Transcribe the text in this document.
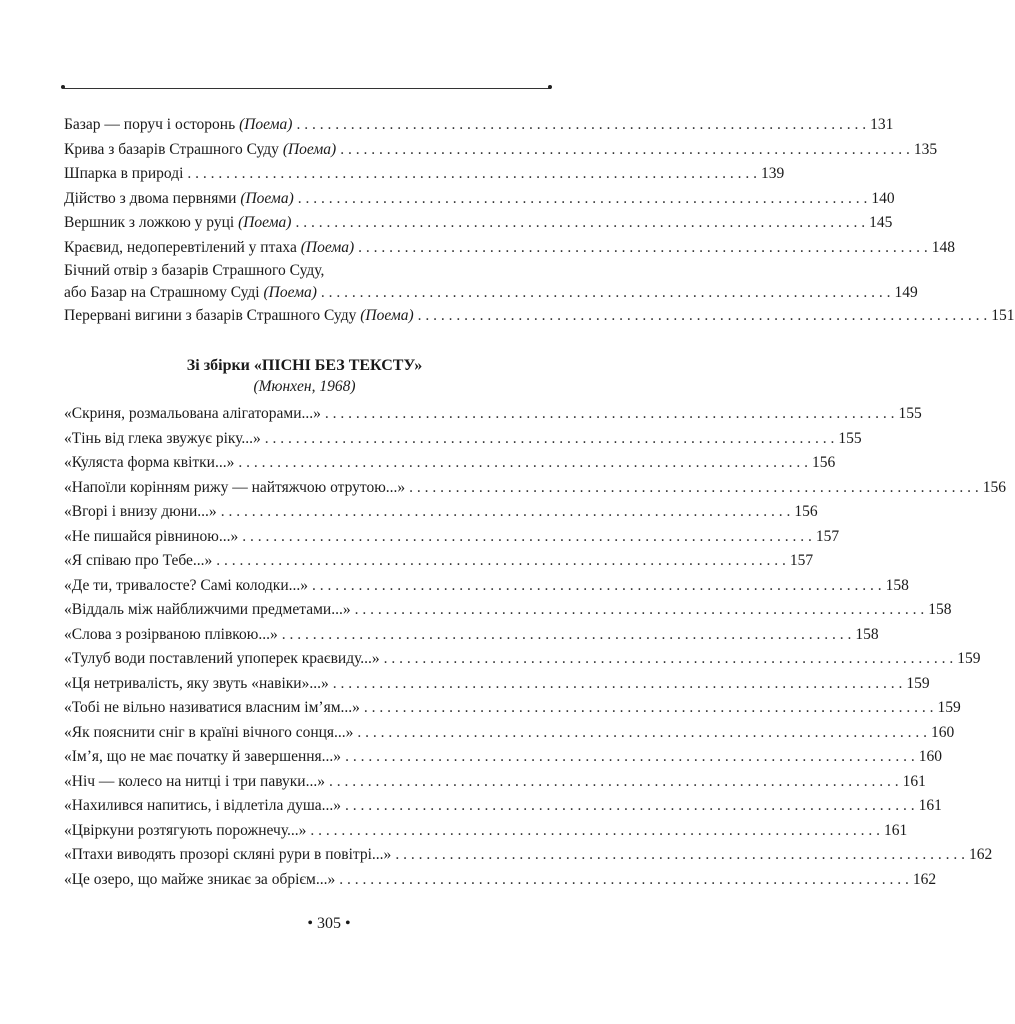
Базар — поруч і осторонь (Поема) . . .	131
Крива з базарів Страшного Суду (Поема) . . .	135
Шпарка в природі . . .	139
Дійство з двома первнями (Поема) . . .	140
Вершник з ложкою у руці (Поема) . . .	145
Краєвид, недоперевтілений у птаха (Поема) . . .	148
Бічний отвір з базарів Страшного Суду,
або Базар на Страшному Суді (Поема) . . .	149
Перервані вигини з базарів Страшного Суду (Поема) . . .	151
Зі збірки «ПІСНІ БЕЗ ТЕКСТУ»
(Мюнхен, 1968)
«Скриня, розмальована алігаторами...» . . .	155
«Тінь від глека звужує ріку...» . . .	155
«Куляста форма квітки...» . . .	156
«Напоїли корінням рижу — найтяжчою отрутою...» . . .	156
«Вгорі і внизу дюни...» . . .	156
«Не пишайся рівниною...» . . .	157
«Я співаю про Тебе...» . . .	157
«Де ти, тривалосте? Самі колодки...» . . .	158
«Віддаль між найближчими предметами...» . . .	158
«Слова з розірваною плівкою...» . . .	158
«Тулуб води поставлений упоперек краєвиду...» . . .	159
«Ця нетривалість, яку звуть «навіки»...» . . .	159
«Тобі не вільно називатися власним ім’ям...» . . .	159
«Як пояснити сніг в країні вічного сонця...» . . .	160
«Ім’я, що не має початку й завершення...» . . .	160
«Ніч — колесо на нитці і три павуки...» . . .	161
«Нахилився напитись, і відлетіла душа...» . . .	161
«Цвіркуни розтягують порожнечу...» . . .	161
«Птахи виводять прозорі скляні рури в повітрі...» . . .	162
«Це озеро, що майже зникає за обрієм...» . . .	162
• 305 •
